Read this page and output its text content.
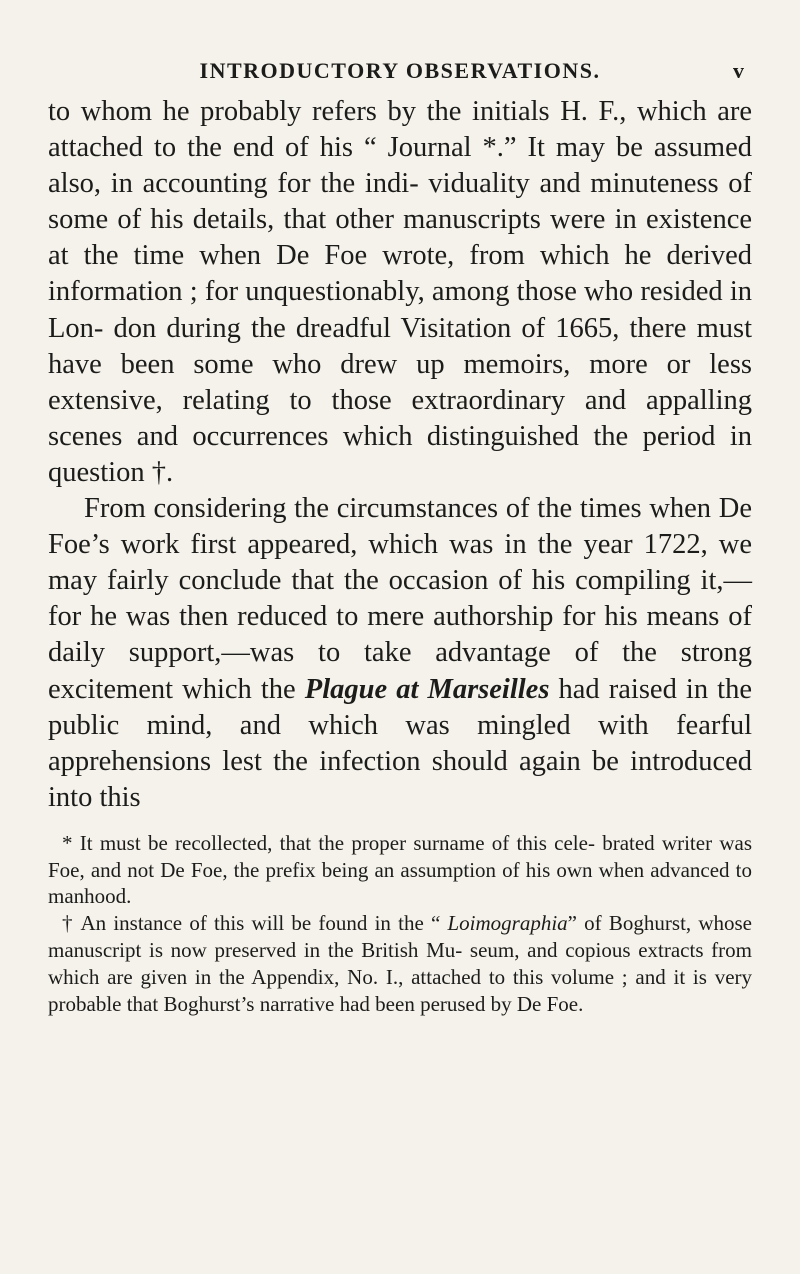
INTRODUCTORY OBSERVATIONS.	v

to whom he probably refers by the initials H. F., which are attached to the end of his “ Journal *.” It may be assumed also, in accounting for the indi- viduality and minuteness of some of his details, that other manuscripts were in existence at the time when De Foe wrote, from which he derived information ; for unquestionably, among those who resided in Lon- don during the dreadful Visitation of 1665, there must have been some who drew up memoirs, more or less extensive, relating to those extraordinary and appalling scenes and occurrences which distinguished the period in question †.

From considering the circumstances of the times when De Foe’s work first appeared, which was in the year 1722, we may fairly conclude that the occasion of his compiling it,—for he was then reduced to mere authorship for his means of daily support,—was to take advantage of the strong excitement which the Plague at Marseilles had raised in the public mind, and which was mingled with fearful apprehensions lest the infection should again be introduced into this

* It must be recollected, that the proper surname of this cele- brated writer was Foe, and not De Foe, the prefix being an assumption of his own when advanced to manhood.

† An instance of this will be found in the “ Loimographia” of Boghurst, whose manuscript is now preserved in the British Mu- seum, and copious extracts from which are given in the Appendix, No. I., attached to this volume ; and it is very probable that Boghurst’s narrative had been perused by De Foe.
